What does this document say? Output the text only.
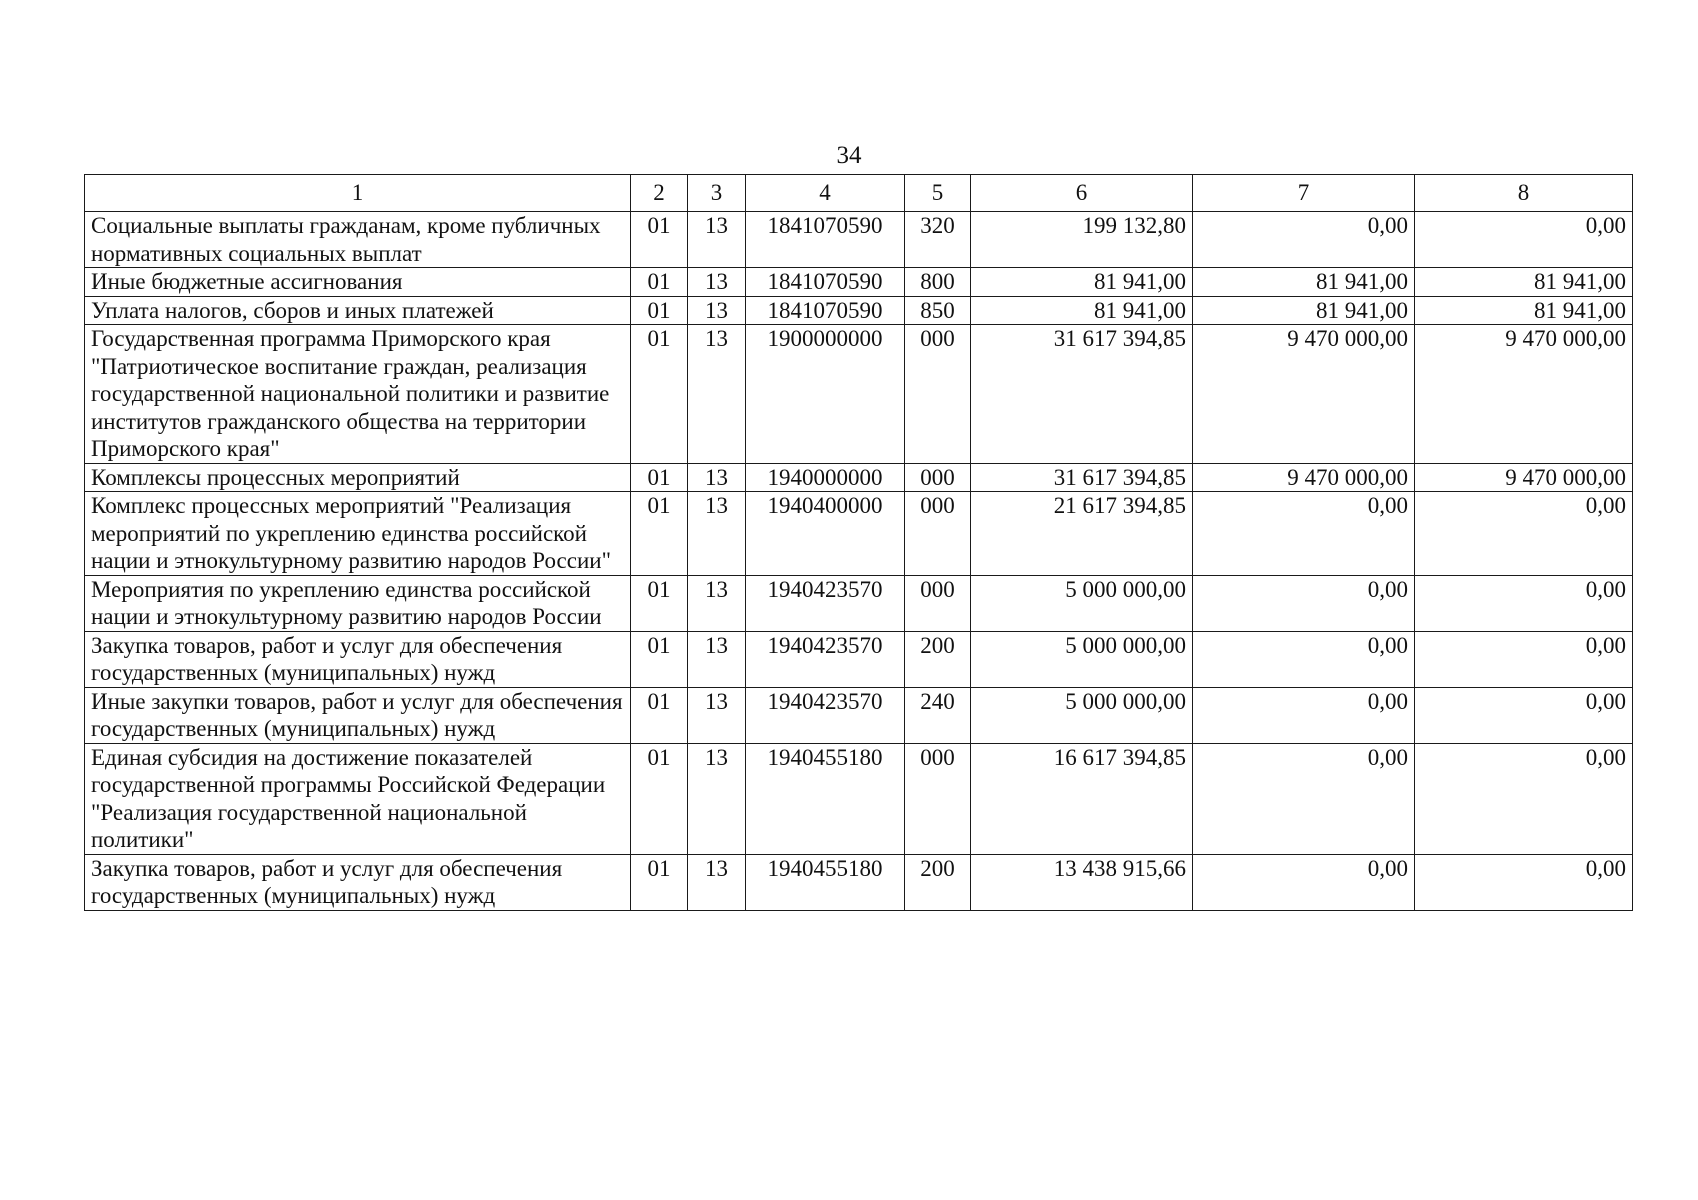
34
1	2	3	4	5	6	7	8
Социальные выплаты гражданам, кроме публичных нормативных социальных выплат	01	13	1841070590	320	199 132,80	0,00	0,00
Иные бюджетные ассигнования	01	13	1841070590	800	81 941,00	81 941,00	81 941,00
Уплата налогов, сборов и иных платежей	01	13	1841070590	850	81 941,00	81 941,00	81 941,00
Государственная программа Приморского края "Патриотическое воспитание граждан, реализация государственной национальной политики и развитие институтов гражданского общества на территории Приморского края"	01	13	1900000000	000	31 617 394,85	9 470 000,00	9 470 000,00
Комплексы процессных мероприятий	01	13	1940000000	000	31 617 394,85	9 470 000,00	9 470 000,00
Комплекс процессных мероприятий "Реализация мероприятий по укреплению единства российской нации и этнокультурному развитию народов России"	01	13	1940400000	000	21 617 394,85	0,00	0,00
Мероприятия по укреплению единства российской нации и этнокультурному развитию народов России	01	13	1940423570	000	5 000 000,00	0,00	0,00
Закупка товаров, работ и услуг для обеспечения государственных (муниципальных) нужд	01	13	1940423570	200	5 000 000,00	0,00	0,00
Иные закупки товаров, работ и услуг для обеспечения государственных (муниципальных) нужд	01	13	1940423570	240	5 000 000,00	0,00	0,00
Единая субсидия на достижение показателей государственной программы Российской Федерации "Реализация государственной национальной политики"	01	13	1940455180	000	16 617 394,85	0,00	0,00
Закупка товаров, работ и услуг для обеспечения государственных (муниципальных) нужд	01	13	1940455180	200	13 438 915,66	0,00	0,00
